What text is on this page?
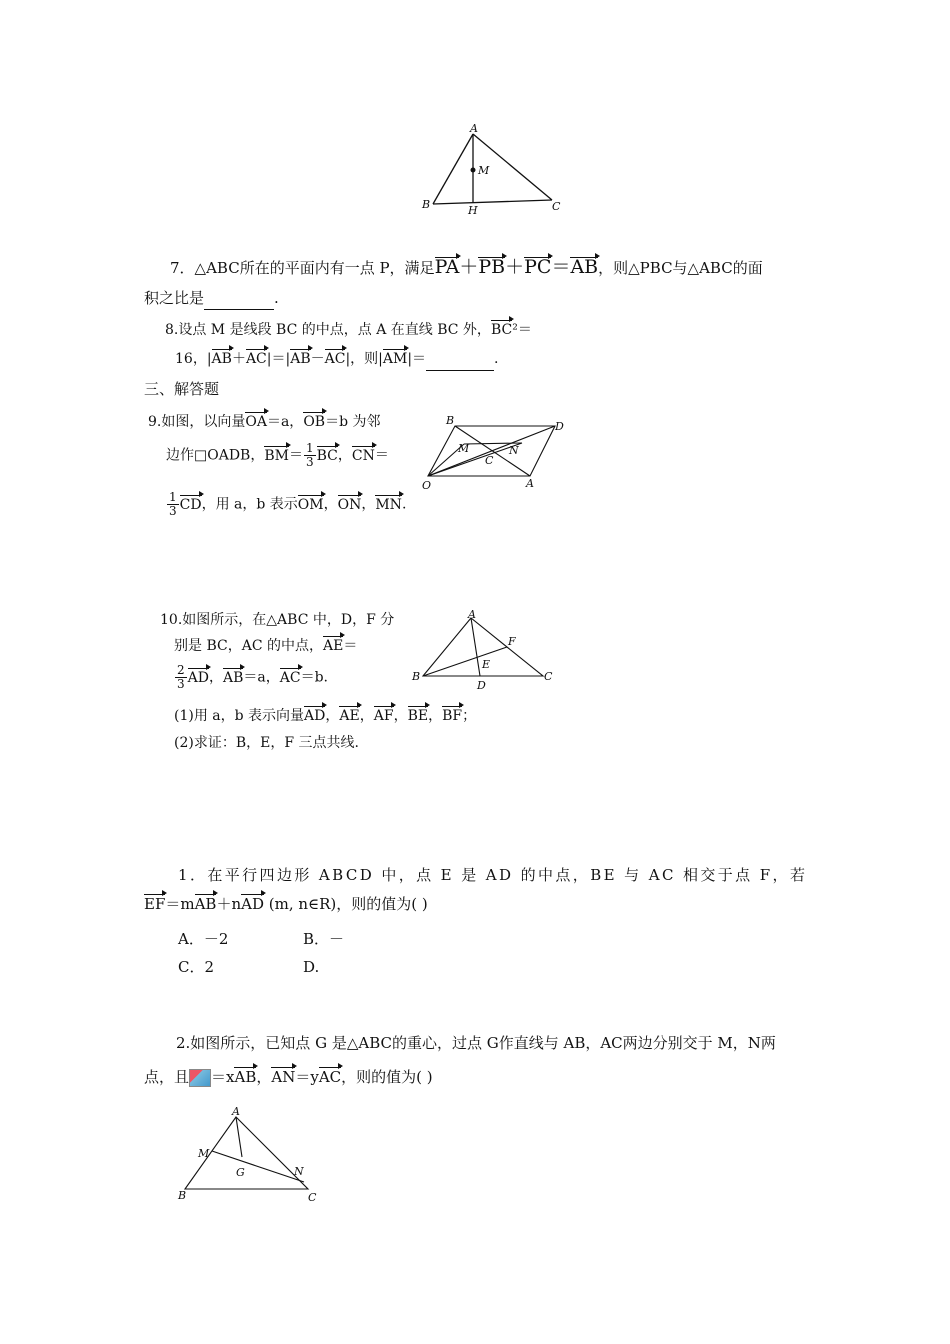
A
M
B	H	C
7．△ABC所在的平面内有一点 P，满足PA＋PB＋PC＝AB，则△PBC与△ABC的面
积之比是	.
8.设点 M 是线段 BC 的中点，点 A 在直线 BC 外，BC²＝
16，|AB＋AC|＝|AB－AC|，则|AM|＝	.
三、解答题
9.如图，以向量OA＝a，OB＝b 为邻
边作□OADB，$BM= \frac{1}{3}$ BC，CN＝
$\frac{1}{3}$ CD，用 a，b 表示OM，ON，MN.
B	D
M
C
N
O	A
10.如图所示，在△ABC 中，D，F 分
别是 BC，AC 的中点，AE＝
$\frac{2}{3}$ AD，AB＝a，AC＝b.
(1)用 a，b 表示向量AD，AE，AF，BE，BF；
(2)求证：B，E，F 三点共线.
A
F
E
B
D
C
1．在平行四边形 ABCD 中，点 E 是 AD 的中点，BE 与 AC 相交于点 F，若
EF＝mAB＋nAD (m, n∈R)，则的值为( )
A．－2	B．－
C．2	D.
2.如图所示，已知点 G 是△ABC的重心，过点 G作直线与 AB，AC两边分别交于 M，N两
点，且 ＝xAB，AN＝yAC，则的值为( )
A
M
G	N
B	C
